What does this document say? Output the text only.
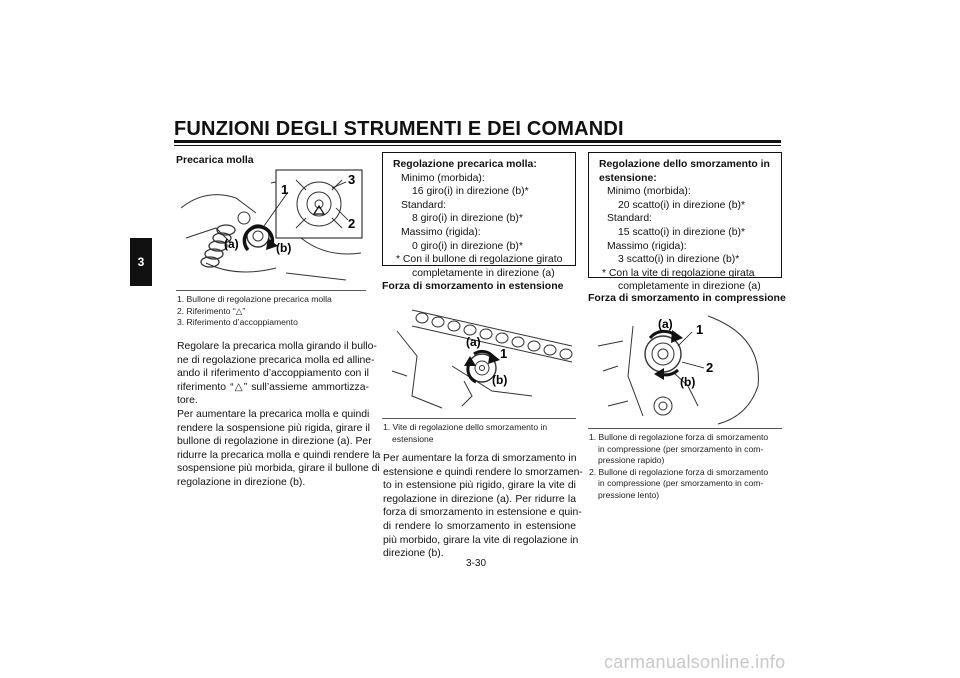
FUNZIONI DEGLI STRUMENTI E DEI COMANDI
3
Precarica molla
(a)	(b)
1
3
2
1. Bullone di regolazione precarica molla
2. Riferimento “△”
3. Riferimento d’accoppiamento
Regolare la precarica molla girando il bullo-
ne di regolazione precarica molla ed alline-
ando il riferimento d’accoppiamento con il
riferimento “△” sull’assieme ammortizza-
tore.
Per aumentare la precarica molla e quindi
rendere la sospensione più rigida, girare il
bullone di regolazione in direzione (a). Per
ridurre la precarica molla e quindi rendere la
sospensione più morbida, girare il bullone di
regolazione in direzione (b).
Regolazione precarica molla:
Minimo (morbida):
16 giro(i) in direzione (b)*
Standard:
8 giro(i) in direzione (b)*
Massimo (rigida):
0 giro(i) in direzione (b)*
* Con il bullone di regolazione girato
completamente in direzione (a)
Forza di smorzamento in estensione
(a)
(b)
1
1. Vite di regolazione dello smorzamento in
estensione
Per aumentare la forza di smorzamento in
estensione e quindi rendere lo smorzamen-
to in estensione più rigido, girare la vite di
regolazione in direzione (a). Per ridurre la
forza di smorzamento in estensione e quin-
di rendere lo smorzamento in estensione
più morbido, girare la vite di regolazione in
direzione (b).
Regolazione dello smorzamento in
estensione:
Minimo (morbida):
20 scatto(i) in direzione (b)*
Standard:
15 scatto(i) in direzione (b)*
Massimo (rigida):
3 scatto(i) in direzione (b)*
* Con la vite di regolazione girata
completamente in direzione (a)
Forza di smorzamento in compressione
(a)
(b)
1
2
1. Bullone di regolazione forza di smorzamento
in compressione (per smorzamento in com-
pressione rapido)
2. Bullone di regolazione forza di smorzamento
in compressione (per smorzamento in com-
pressione lento)
3-30
carmanualsonline.info
